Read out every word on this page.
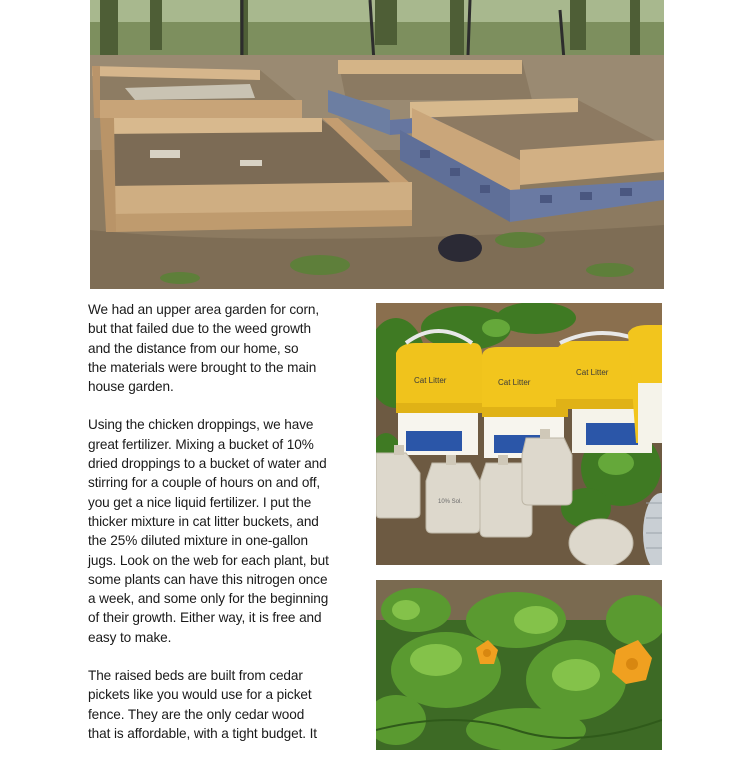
We had an upper area garden for corn,
but that failed due to the weed growth
and the distance from our home, so
the materials were brought to the main
house garden.

Using the chicken droppings, we have
great fertilizer. Mixing a bucket of 10%
dried droppings to a bucket of water and
stirring for a couple of hours on and off,
you get a nice liquid fertilizer. I put the
thicker mixture in cat litter buckets, and
the 25% diluted mixture in one-gallon
jugs. Look on the web for each plant, but
some plants can have this nitrogen once
a week, and some only for the beginning
of their growth. Either way, it is free and
easy to make.

The raised beds are built from cedar
pickets like you would use for a picket
fence. They are the only cedar wood
that is affordable, with a tight budget. It

Cat Litter	Cat Litter
Cat Litter
10% Sol.
